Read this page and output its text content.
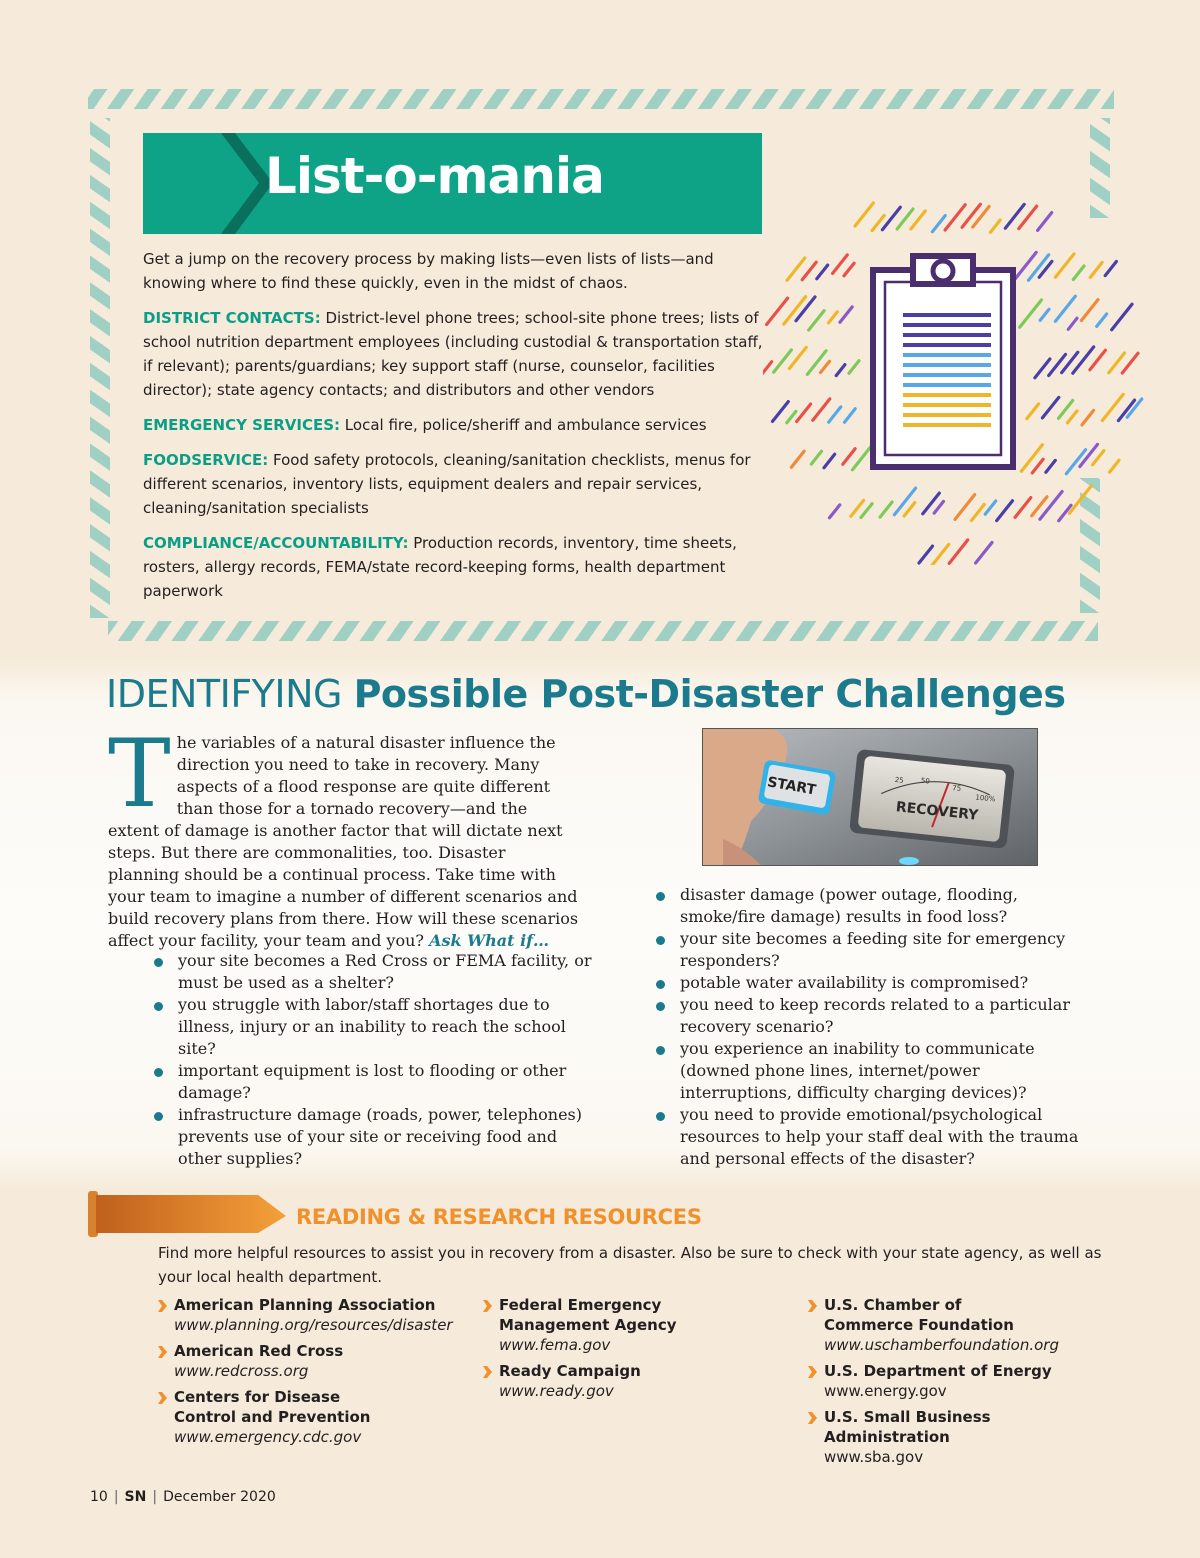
List-o-mania

Get a jump on the recovery process by making lists—even lists of lists—and knowing where to find these quickly, even in the midst of chaos.

DISTRICT CONTACTS: District-level phone trees; school-site phone trees; lists of school nutrition department employees (including custodial & transportation staff, if relevant); parents/guardians; key support staff (nurse, counselor, facilities director); state agency contacts; and distributors and other vendors

EMERGENCY SERVICES: Local fire, police/sheriff and ambulance services

FOODSERVICE: Food safety protocols, cleaning/sanitation checklists, menus for different scenarios, inventory lists, equipment dealers and repair services, cleaning/sanitation specialists

COMPLIANCE/ACCOUNTABILITY: Production records, inventory, time sheets, rosters, allergy records, FEMA/state record-keeping forms, health department paperwork

IDENTIFYING Possible Post-Disaster Challenges
The variables of a natural disaster influence the direction you need to take in recovery. Many aspects of a flood response are quite different than those for a tornado recovery—and the extent of damage is another factor that will dictate next steps. But there are commonalities, too. Disaster planning should be a continual process. Take time with your team to imagine a number of different scenarios and build recovery plans from there. How will these scenarios affect your facility, your team and you? Ask What if…
your site becomes a Red Cross or FEMA facility, or must be used as a shelter?
you struggle with labor/staff shortages due to illness, injury or an inability to reach the school site?
important equipment is lost to flooding or other damage?
infrastructure damage (roads, power, telephones) prevents use of your site or receiving food and other supplies?
START	25 50
75
100%
RECOVERY
disaster damage (power outage, flooding, smoke/fire damage) results in food loss?
your site becomes a feeding site for emergency responders?
potable water availability is compromised?
you need to keep records related to a particular recovery scenario?
you experience an inability to communicate (downed phone lines, internet/power interruptions, difficulty charging devices)?
you need to provide emotional/psychological resources to help your staff deal with the trauma and personal effects of the disaster?
READING & RESEARCH RESOURCES
Find more helpful resources to assist you in recovery from a disaster. Also be sure to check with your state agency, as well as your local health department.
American Planning Association
www.planning.org/resources/disaster
American Red Cross
www.redcross.org
Centers for Disease Control and Prevention
www.emergency.cdc.gov
Federal Emergency Management Agency
www.fema.gov
Ready Campaign
www.ready.gov
U.S. Chamber of Commerce Foundation
www.uschamberfoundation.org
U.S. Department of Energy
www.energy.gov
U.S. Small Business Administration
www.sba.gov
10 | SN | December 2020
